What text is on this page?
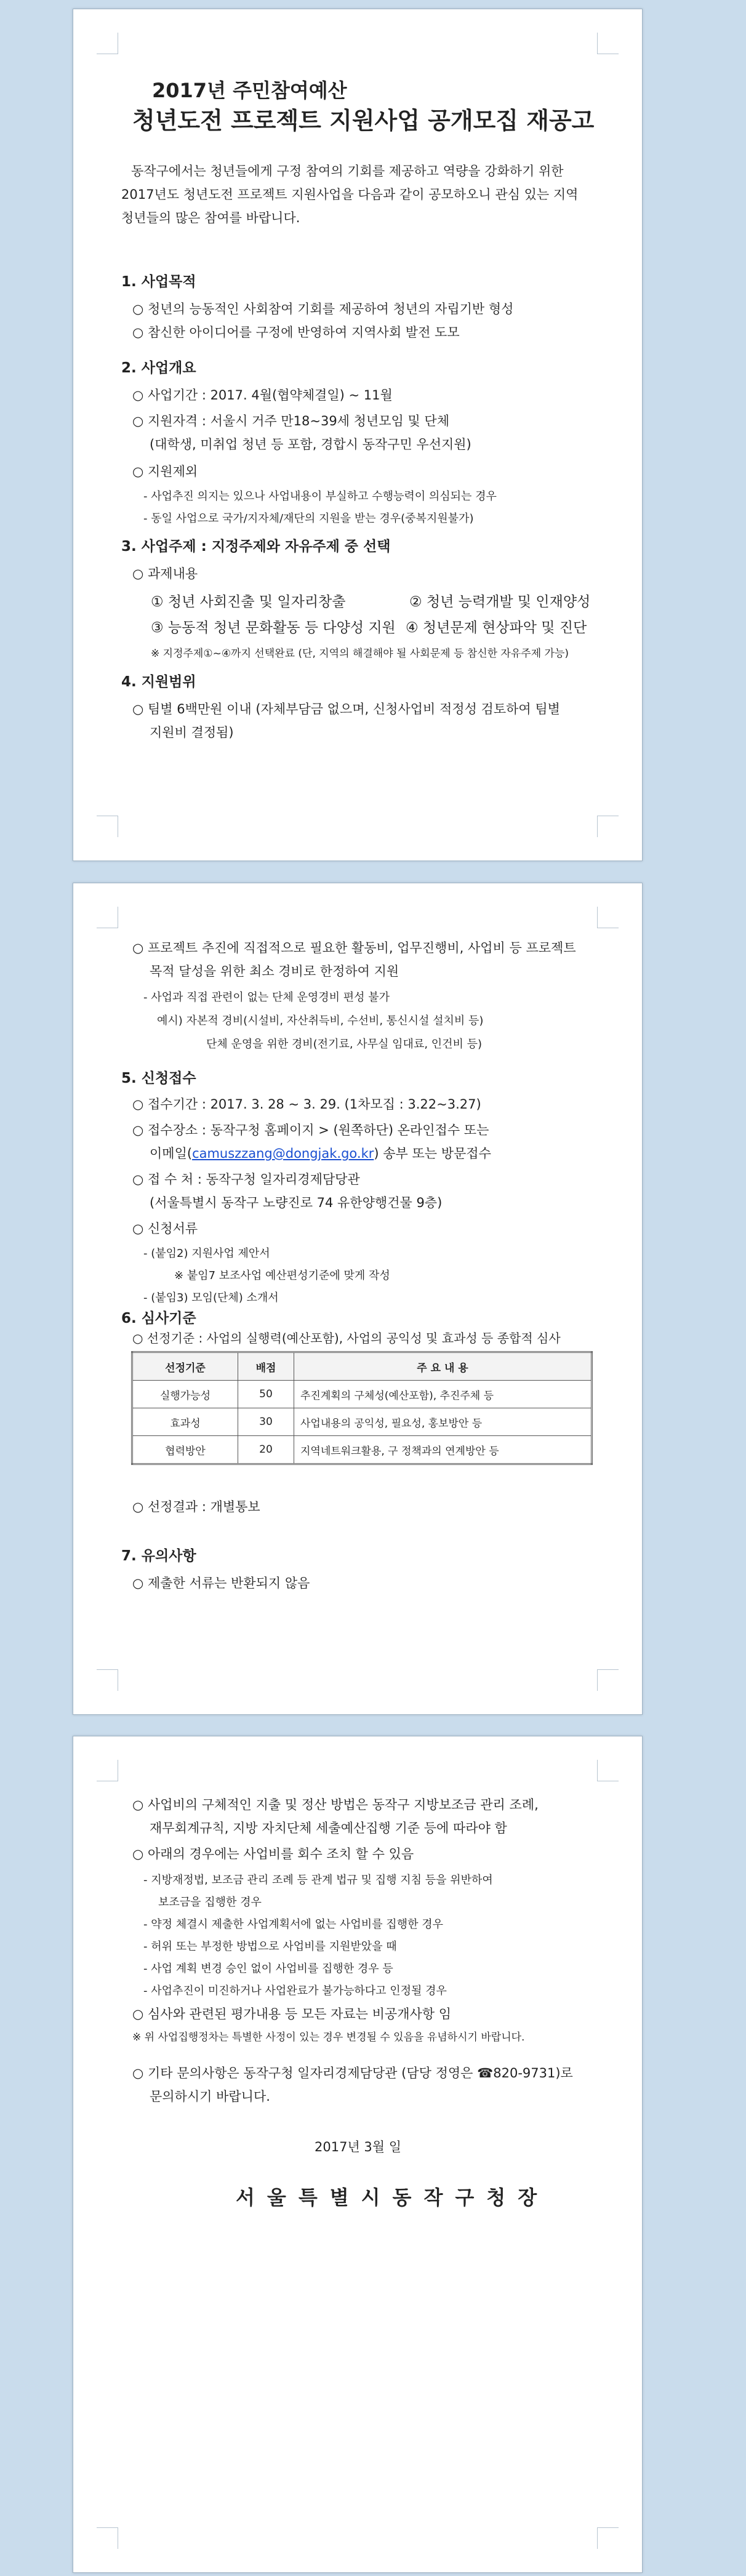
2017년 주민참여예산
청년도전 프로젝트 지원사업 공개모집 재공고
동작구에서는 청년들에게 구정 참여의 기회를 제공하고 역량을 강화하기 위한
2017년도 청년도전 프로젝트 지원사업을 다음과 같이 공모하오니 관심 있는 지역
청년들의 많은 참여를 바랍니다.
1. 사업목적
○ 청년의 능동적인 사회참여 기회를 제공하여 청년의 자립기반 형성
○ 참신한 아이디어를 구정에 반영하여 지역사회 발전 도모
2. 사업개요
○ 사업기간 : 2017. 4월(협약체결일) ~ 11월
○ 지원자격 : 서울시 거주 만18~39세 청년모임 및 단체
(대학생, 미취업 청년 등 포함, 경합시 동작구민 우선지원)
○ 지원제외
- 사업추진 의지는 있으나 사업내용이 부실하고 수행능력이 의심되는 경우
- 동일 사업으로 국가/지자체/재단의 지원을 받는 경우(중복지원불가)
3. 사업주제 : 지정주제와 자유주제 중 선택
○ 과제내용
① 청년 사회진출 및 일자리창출	② 청년 능력개발 및 인재양성
③ 능동적 청년 문화활동 등 다양성 지원 ④ 청년문제 현상파악 및 진단
※ 지정주제①~④까지 선택완료 (단, 지역의 해결해야 될 사회문제 등 참신한 자유주제 가능)
4. 지원범위
○ 팀별 6백만원 이내 (자체부담금 없으며, 신청사업비 적정성 검토하여 팀별
지원비 결정됨)
○ 프로젝트 추진에 직접적으로 필요한 활동비, 업무진행비, 사업비 등 프로젝트
목적 달성을 위한 최소 경비로 한정하여 지원
- 사업과 직접 관련이 없는 단체 운영경비 편성 불가
예시) 자본적 경비(시설비, 자산취득비, 수선비, 통신시설 설치비 등)
단체 운영을 위한 경비(전기료, 사무실 임대료, 인건비 등)
5. 신청접수
○ 접수기간 : 2017. 3. 28 ~ 3. 29. (1차모집 : 3.22~3.27)
○ 접수장소 : 동작구청 홈페이지 > (원쪽하단) 온라인접수 또는
이메일(camuszzang@dongjak.go.kr) 송부 또는 방문접수
○ 접 수 처 : 동작구청 일자리경제담당관
(서울특별시 동작구 노량진로 74 유한양행건물 9층)
○ 신청서류
- (붙임2) 지원사업 제안서
※ 붙임7 보조사업 예산편성기준에 맞게 작성
- (붙임3) 모임(단체) 소개서
6. 심사기준
○ 선정기준 : 사업의 실행력(예산포함), 사업의 공익성 및 효과성 등 종합적 심사
선정기준	배점	주 요 내 용
실행가능성	50	추진계획의 구체성(예산포함), 추진주체 등
효과성	30	사업내용의 공익성, 필요성, 홍보방안 등
협력방안	20	지역네트워크활용, 구 정책과의 연계방안 등
○ 선정결과 : 개별통보
7. 유의사항
○ 제출한 서류는 반환되지 않음
○ 사업비의 구체적인 지출 및 정산 방법은 동작구 지방보조금 관리 조례,
재무회계규칙, 지방 자치단체 세출예산집행 기준 등에 따라야 함
○ 아래의 경우에는 사업비를 회수 조치 할 수 있음
- 지방재정법, 보조금 관리 조례 등 관계 법규 및 집행 지침 등을 위반하여
보조금을 집행한 경우
- 약정 체결시 제출한 사업계획서에 없는 사업비를 집행한 경우
- 허위 또는 부정한 방법으로 사업비를 지원받았을 때
- 사업 계획 변경 승인 없이 사업비를 집행한 경우 등
- 사업추진이 미진하거나 사업완료가 불가능하다고 인정될 경우
○ 심사와 관련된 평가내용 등 모든 자료는 비공개사항 임
※ 위 사업집행정차는 특별한 사정이 있는 경우 변경될 수 있음을 유념하시기 바랍니다.
○ 기타 문의사항은 동작구청 일자리경제담당관 (담당 정영은 ☎820-9731)로
문의하시기 바랍니다.
2017년 3월 일
서울특별시동작구청장
